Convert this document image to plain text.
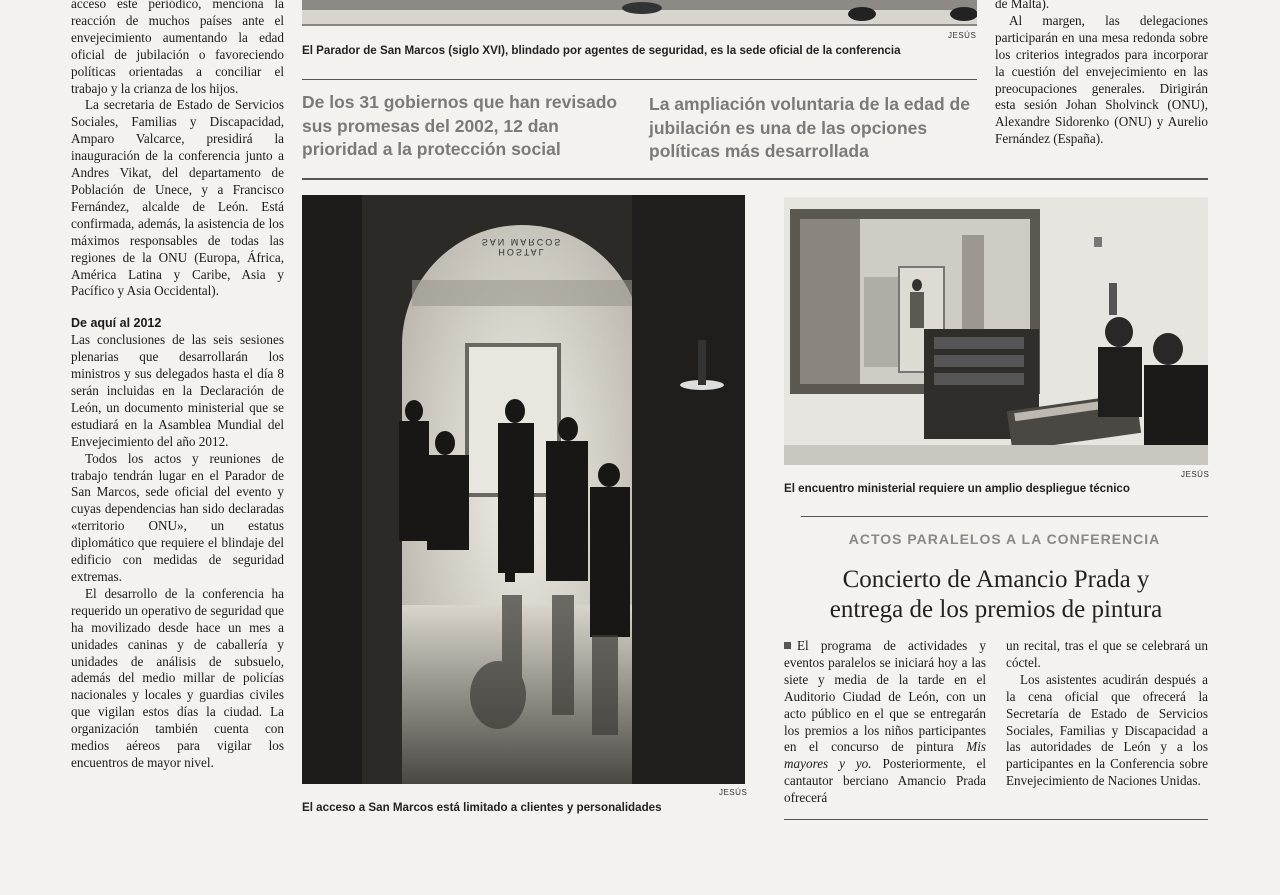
acceso este periódico, menciona la reacción de muchos países ante el envejecimiento aumentando la edad oficial de jubilación o favoreciendo políticas orientadas a conciliar el trabajo y la crianza de los hijos.

La secretaria de Estado de Servicios Sociales, Familias y Discapacidad, Amparo Valcarce, presidirá la inauguración de la conferencia junto a Andres Vikat, del departamento de Población de Unece, y a Francisco Fernández, alcalde de León. Está confirmada, además, la asistencia de los máximos responsables de todas las regiones de la ONU (Europa, África, América Latina y Caribe, Asia y Pacífico y Asia Occidental).

De aquí al 2012

Las conclusiones de las seis sesiones plenarias que desarrollarán los ministros y sus delegados hasta el día 8 serán incluidas en la Declaración de León, un documento ministerial que se estudiará en la Asamblea Mundial del Envejecimiento del año 2012.

Todos los actos y reuniones de trabajo tendrán lugar en el Parador de San Marcos, sede oficial del evento y cuyas dependencias han sido declaradas «territorio ONU», un estatus diplomático que requiere el blindaje del edificio con medidas de seguridad extremas.

El desarrollo de la conferencia ha requerido un operativo de seguridad que ha movilizado desde hace un mes a unidades caninas y de caballería y unidades de análisis de subsuelo, además del medio millar de policías nacionales y locales y guardias civiles que vigilan estos días la ciudad. La organización también cuenta con medios aéreos para vigilar los encuentros de mayor nivel.

JESÚS
El Parador de San Marcos (siglo XVI), blindado por agentes de seguridad, es la sede oficial de la conferencia
De los 31 gobiernos que han revisado sus promesas del 2002, 12 dan prioridad a la protección social
La ampliación voluntaria de la edad de jubilación es una de las opciones políticas más desarrollada

de Malta).

Al margen, las delegaciones participarán en una mesa redonda sobre los criterios integrados para incorporar la cuestión del envejecimiento en las preocupaciones generales. Dirigirán esta sesión Johan Sholvinck (ONU), Alexandre Sidorenko (ONU) y Aurelio Fernández (España).

HOSTAL
SAN MARCOS
JESÚS
El acceso a San Marcos está limitado a clientes y personalidades
JESÚS
El encuentro ministerial requiere un amplio despliegue técnico
ACTOS PARALELOS A LA CONFERENCIA
Concierto de Amancio Prada y
entrega de los premios de pintura

El programa de actividades y eventos paralelos se iniciará hoy a las siete y media de la tarde en el Auditorio Ciudad de León, con un acto público en el que se entregarán los premios a los niños participantes en el concurso de pintura Mis mayores y yo. Posteriormente, el cantautor berciano Amancio Prada ofrecerá

un recital, tras el que se celebrará un cóctel.

Los asistentes acudirán después a la cena oficial que ofrecerá la Secretaría de Estado de Servicios Sociales, Familias y Discapacidad a las autoridades de León y a los participantes en la Conferencia sobre Envejecimiento de Naciones Unidas.
